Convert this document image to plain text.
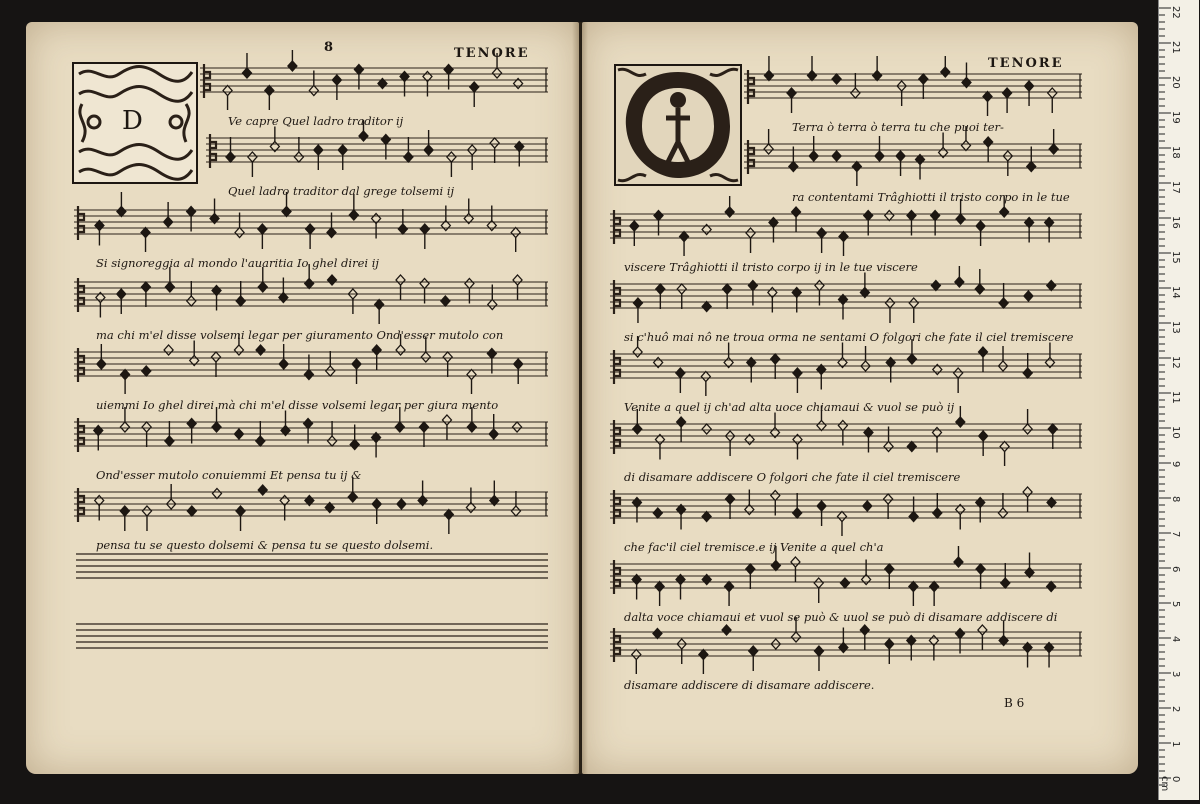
8	TENORE
TENORE
D	Ve capre Quel ladro traditor ij
Quel ladro traditor dal grege tolsemi ij
Si signoreggia al mondo l'auaritia Io ghel direi ij
ma chi m'el disse volsemi legar per giuramento Ond'esser mutolo con
uiemmi Io ghel direi mà chi m'el disse volsemi legar per giura mento
Ond'esser mutolo conuiemmi Et pensa tu ij &
pensa tu se questo dolsemi & pensa tu se questo dolsemi.
Terra ò terra ò terra tu che puoi ter-
ra contentami Trâghiotti il tristo corpo in le tue
viscere Trâghiotti il tristo corpo ij in le tue viscere
si c'huô mai nô ne troua orma ne sentami O folgori che fate il ciel tremiscere
Venite a quel ij ch'ad alta uoce chiamaui & vuol se può ij
di disamare addiscere O folgori che fate il ciel tremiscere
che fac'il ciel tremisce.e ij Venite a quel ch'a
dalta voce chiamaui et vuol se può & uuol se può di disamare addiscere di
disamare addiscere di disamare addiscere.
B 6
0 cm
1
2
3
4
5
6
7
8
9
10
11
12
13
14
15
16
17
18
19
20
21
22
